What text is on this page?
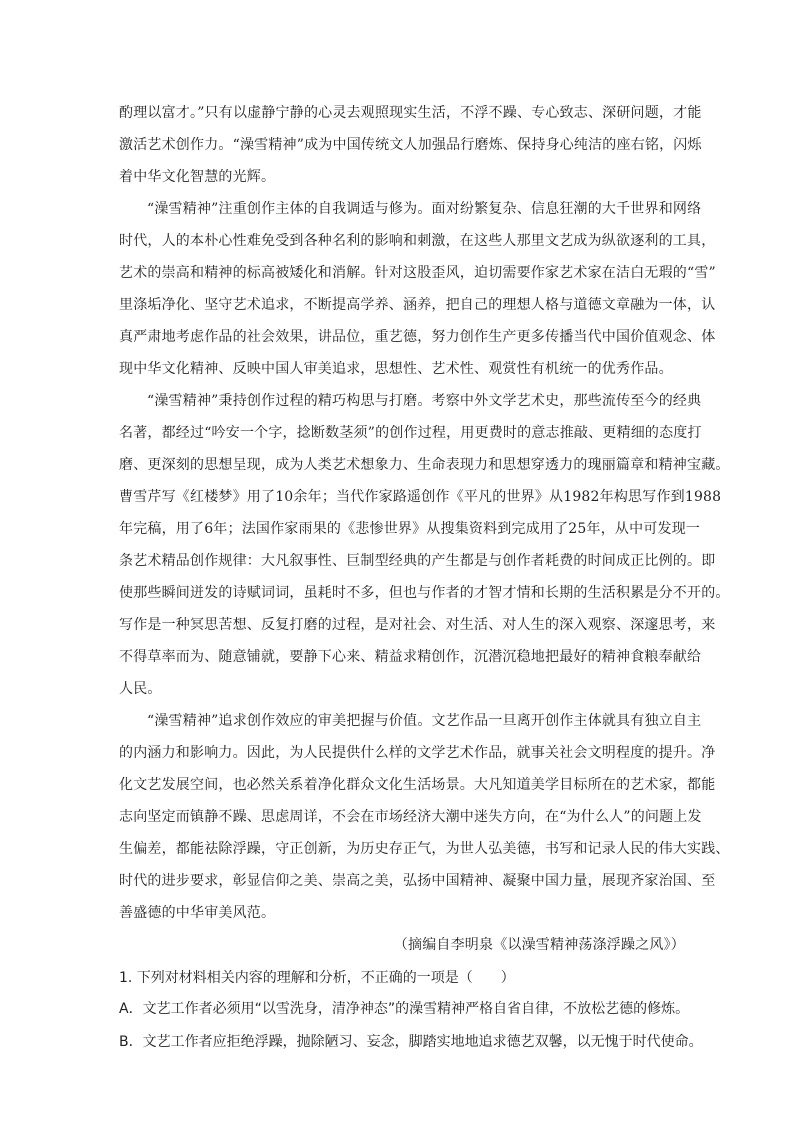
酌理以富才。”只有以虚静宁静的心灵去观照现实生活，不浮不躁、专心致志、深研问题，才能
激活艺术创作力。“澡雪精神”成为中国传统文人加强品行磨炼、保持身心纯洁的座右铭，闪烁
着中华文化智慧的光辉。
“澡雪精神”注重创作主体的自我调适与修为。面对纷繁复杂、信息狂潮的大千世界和网络
时代，人的本朴心性难免受到各种名利的影响和刺激，在这些人那里文艺成为纵欲逐利的工具，
艺术的崇高和精神的标高被矮化和消解。针对这股歪风，迫切需要作家艺术家在洁白无瑕的“雪”
里涤垢净化、坚守艺术追求，不断提高学养、涵养，把自己的理想人格与道德文章融为一体，认
真严肃地考虑作品的社会效果，讲品位，重艺德，努力创作生产更多传播当代中国价值观念、体
现中华文化精神、反映中国人审美追求，思想性、艺术性、观赏性有机统一的优秀作品。
“澡雪精神”秉持创作过程的精巧构思与打磨。考察中外文学艺术史，那些流传至今的经典
名著，都经过“吟安一个字，捻断数茎须”的创作过程，用更费时的意志推敲、更精细的态度打
磨、更深刻的思想呈现，成为人类艺术想象力、生命表现力和思想穿透力的瑰丽篇章和精神宝藏。
曹雪芹写《红楼梦》用了10余年；当代作家路遥创作《平凡的世界》从1982年构思写作到1988
年完稿，用了6年；法国作家雨果的《悲惨世界》从搜集资料到完成用了25年，从中可发现一
条艺术精品创作规律：大凡叙事性、巨制型经典的产生都是与创作者耗费的时间成正比例的。即
使那些瞬间迸发的诗赋词词，虽耗时不多，但也与作者的才智才情和长期的生活积累是分不开的。
写作是一种冥思苦想、反复打磨的过程，是对社会、对生活、对人生的深入观察、深邃思考，来
不得草率而为、随意铺就，要静下心来、精益求精创作，沉潜沉稳地把最好的精神食粮奉献给
人民。
“澡雪精神”追求创作效应的审美把握与价值。文艺作品一旦离开创作主体就具有独立自主
的内涵力和影响力。因此，为人民提供什么样的文学艺术作品，就事关社会文明程度的提升。净
化文艺发展空间，也必然关系着净化群众文化生活场景。大凡知道美学目标所在的艺术家，都能
志向坚定而镇静不躁、思虑周详，不会在市场经济大潮中迷失方向，在“为什么人”的问题上发
生偏差，都能祛除浮躁，守正创新，为历史存正气，为世人弘美德，书写和记录人民的伟大实践、
时代的进步要求，彰显信仰之美、崇高之美，弘扬中国精神、凝聚中国力量，展现齐家治国、至
善盛德的中华审美风范。
（摘编自李明泉《以澡雪精神荡涤浮躁之风》）
1. 下列对材料相关内容的理解和分析，不正确的一项是（　　）
A．文艺工作者必须用“以雪洗身，清净神态”的澡雪精神严格自省自律，不放松艺德的修炼。
B．文艺工作者应拒绝浮躁，抛除陋习、妄念，脚踏实地地追求德艺双馨，以无愧于时代使命。
